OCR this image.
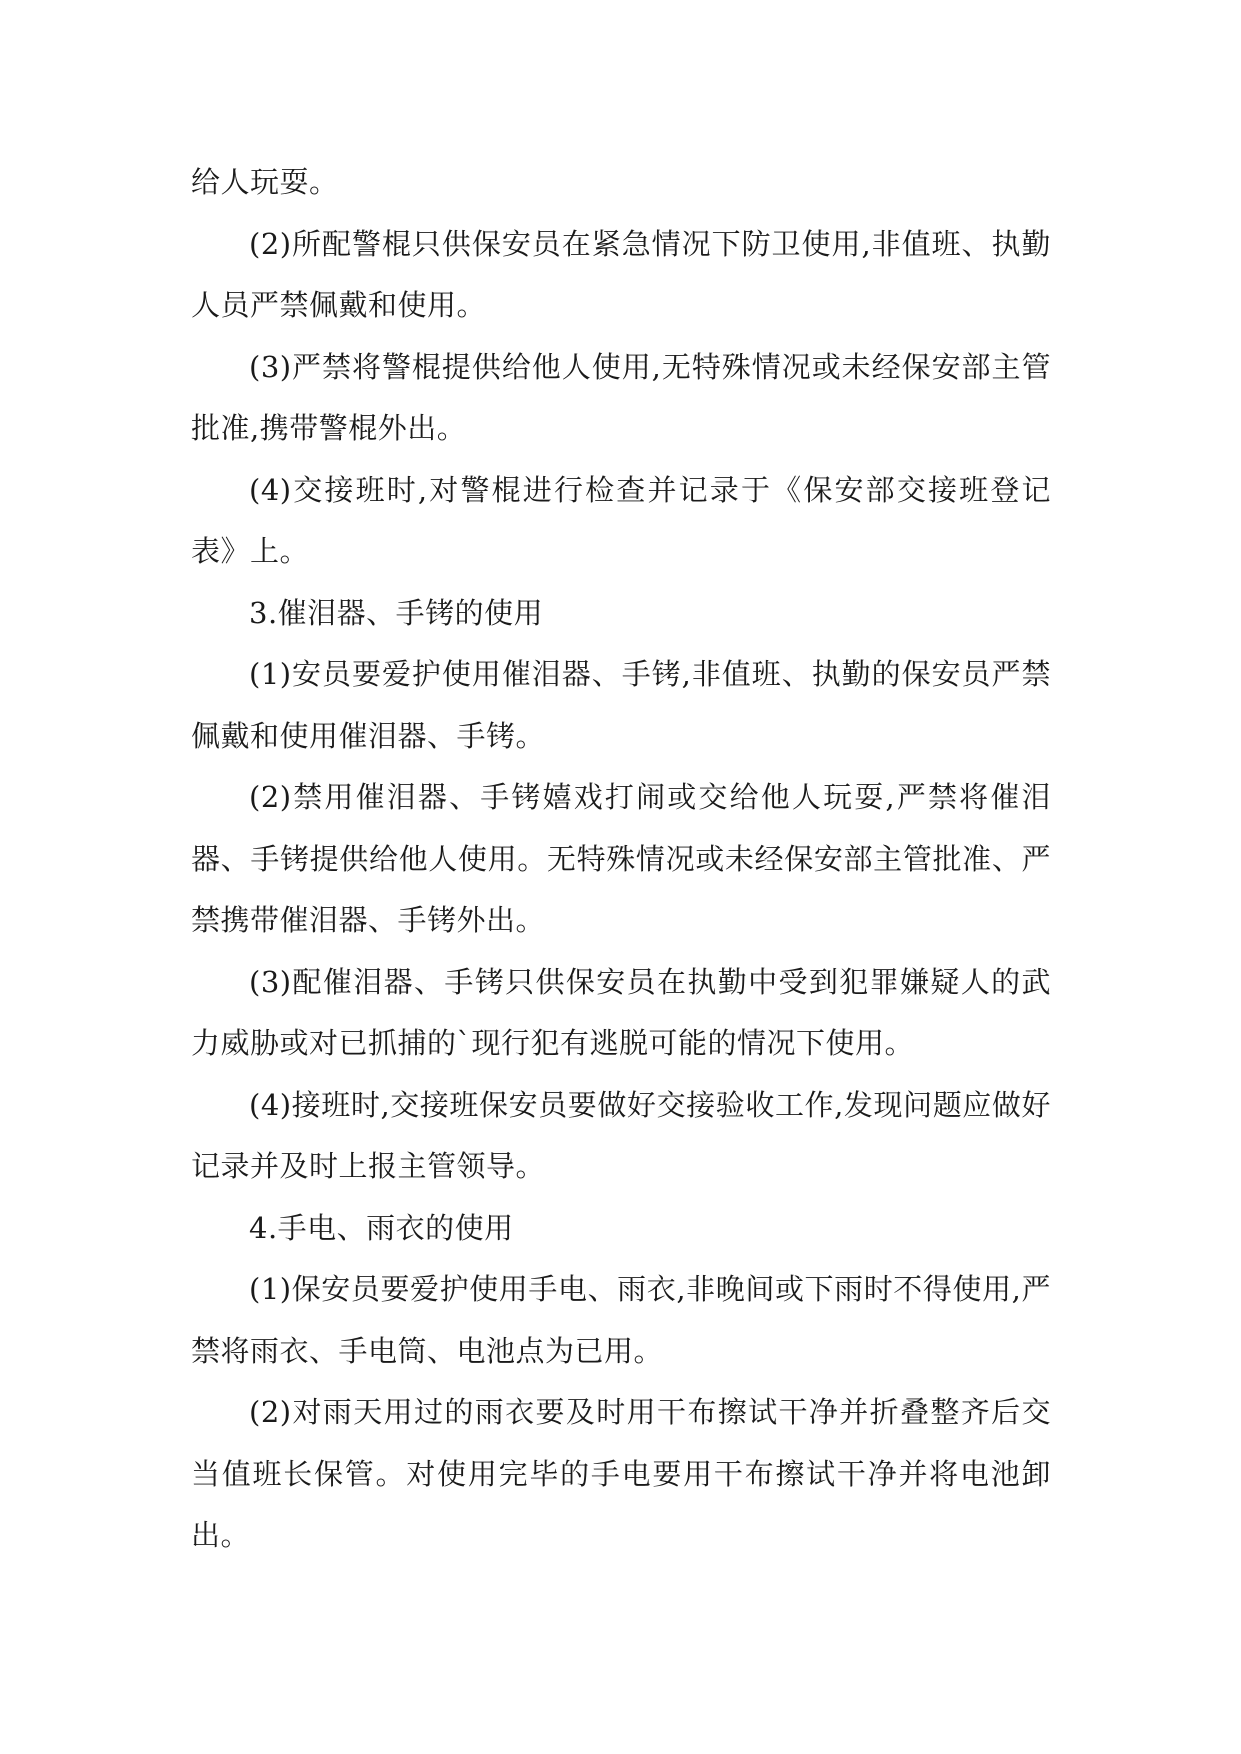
给人玩耍。

(2)所配警棍只供保安员在紧急情况下防卫使用,非值班、执勤人员严禁佩戴和使用。

(3)严禁将警棍提供给他人使用,无特殊情况或未经保安部主管批准,携带警棍外出。

(4)交接班时,对警棍进行检查并记录于《保安部交接班登记表》上。

3.催泪器、手铐的使用

(1)安员要爱护使用催泪器、手铐,非值班、执勤的保安员严禁佩戴和使用催泪器、手铐。

(2)禁用催泪器、手铐嬉戏打闹或交给他人玩耍,严禁将催泪器、手铐提供给他人使用。无特殊情况或未经保安部主管批准、严禁携带催泪器、手铐外出。

(3)配催泪器、手铐只供保安员在执勤中受到犯罪嫌疑人的武力威胁或对已抓捕的`现行犯有逃脱可能的情况下使用。

(4)接班时,交接班保安员要做好交接验收工作,发现问题应做好记录并及时上报主管领导。

4.手电、雨衣的使用

(1)保安员要爱护使用手电、雨衣,非晚间或下雨时不得使用,严禁将雨衣、手电筒、电池点为已用。

(2)对雨天用过的雨衣要及时用干布擦试干净并折叠整齐后交当值班长保管。对使用完毕的手电要用干布擦试干净并将电池卸出。
